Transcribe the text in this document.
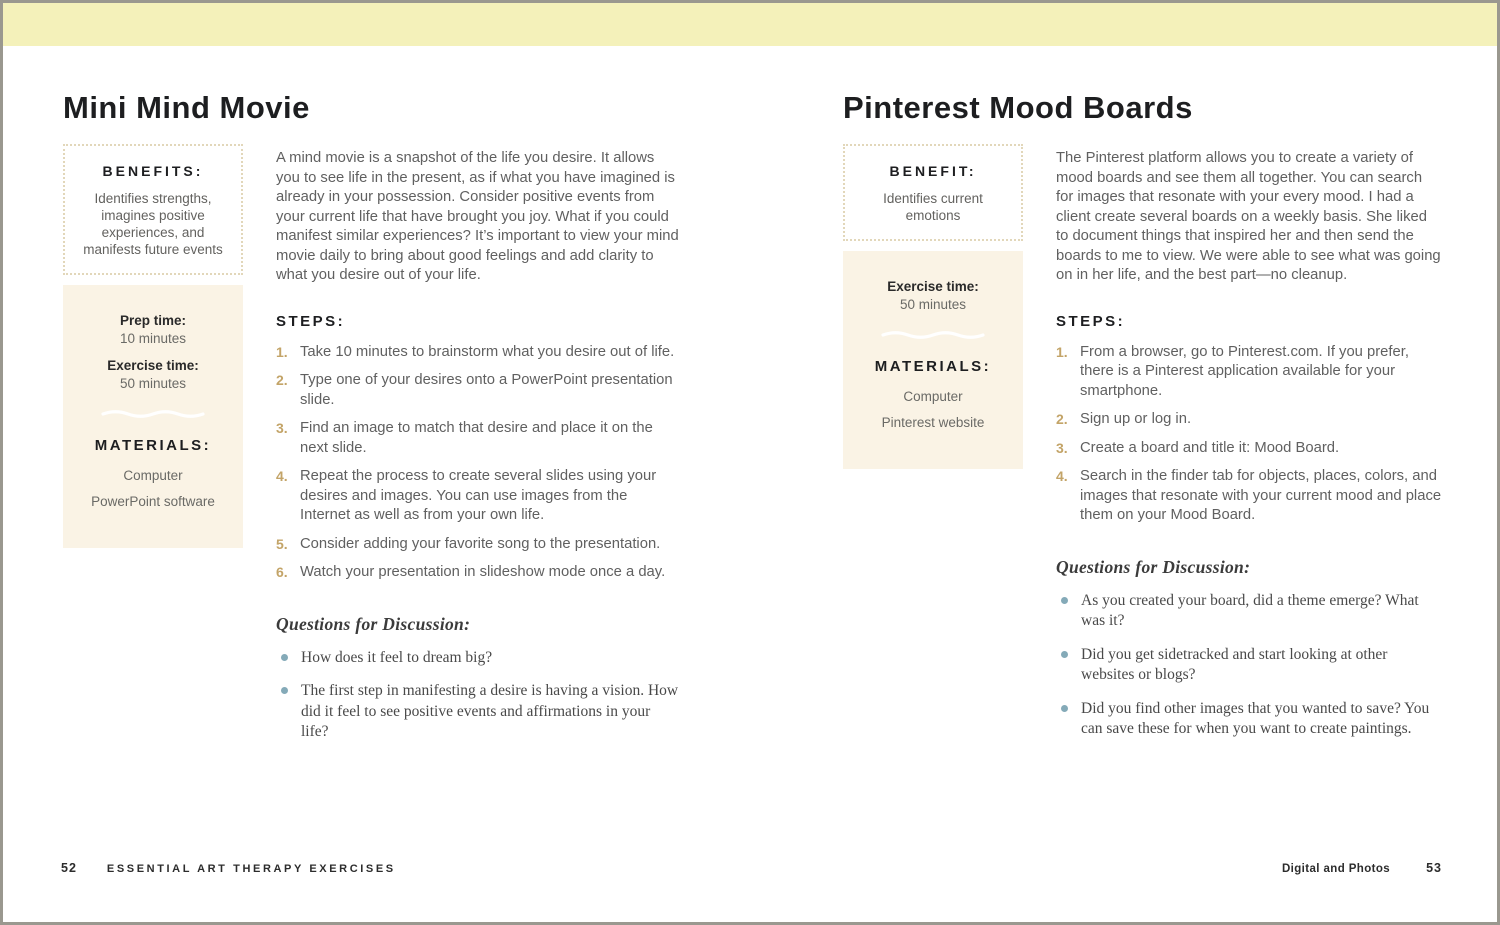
Mini Mind Movie
BENEFITS:

Identifies strengths, imagines positive experiences, and manifests future events

Prep time:

10 minutes

Exercise time:

50 minutes

MATERIALS:

Computer

PowerPoint software

A mind movie is a snapshot of the life you desire. It allows you to see life in the present, as if what you have imagined is already in your possession. Consider positive events from your current life that have brought you joy. What if you could manifest similar experiences? It’s important to view your mind movie daily to bring about good feelings and add clarity to what you desire out of your life.

STEPS:
1. Take 10 minutes to brainstorm what you desire out of life.
2. Type one of your desires onto a PowerPoint presentation slide.
3. Find an image to match that desire and place it on the next slide.
4. Repeat the process to create several slides using your desires and images. You can use images from the Internet as well as from your own life.
5. Consider adding your favorite song to the presentation.
6. Watch your presentation in slideshow mode once a day.
Questions for Discussion:
How does it feel to dream big?
The first step in manifesting a desire is having a vision. How did it feel to see positive events and affirmations in your life?
52	ESSENTIAL ART THERAPY EXERCISES
Pinterest Mood Boards
BENEFIT:

Identifies current emotions

Exercise time:

50 minutes

MATERIALS:

Computer

Pinterest website

The Pinterest platform allows you to create a variety of mood boards and see them all together. You can search for images that resonate with your every mood. I had a client create several boards on a weekly basis. She liked to document things that inspired her and then send the boards to me to view. We were able to see what was going on in her life, and the best part—no cleanup.

STEPS:
1. From a browser, go to Pinterest.com. If you prefer, there is a Pinterest application available for your smartphone.
2. Sign up or log in.
3. Create a board and title it: Mood Board.
4. Search in the finder tab for objects, places, colors, and images that resonate with your current mood and place them on your Mood Board.
Questions for Discussion:
As you created your board, did a theme emerge? What was it?
Did you get sidetracked and start looking at other websites or blogs?
Did you find other images that you wanted to save? You can save these for when you want to create paintings.
Digital and Photos	53
